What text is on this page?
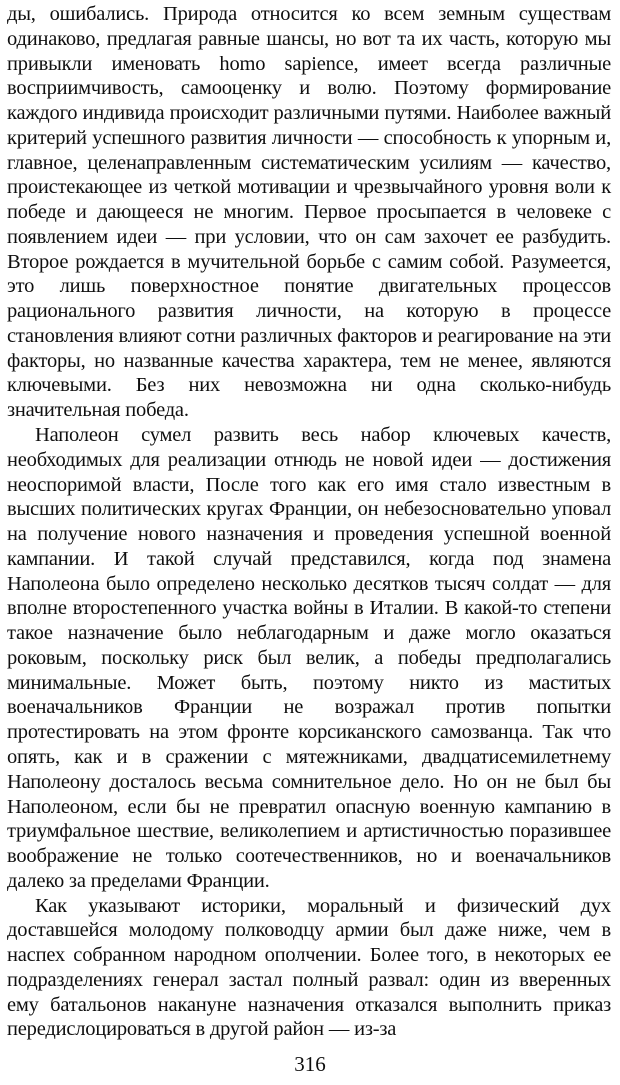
ды, ошибались. Природа относится ко всем земным существам одинаково, предлагая равные шансы, но вот та их часть, которую мы привыкли именовать homo sapience, имеет всегда различные восприимчивость, самооценку и волю. Поэтому формирование каждого индивида происходит различными путями. Наиболее важный критерий успешного развития личности — способность к упорным и, главное, целенаправленным систематическим усилиям — качество, проистекающее из четкой мотивации и чрезвычайного уровня воли к победе и дающееся не многим. Первое просыпается в человеке с появлением идеи — при условии, что он сам захочет ее разбудить. Второе рождается в мучительной борьбе с самим собой. Разумеется, это лишь поверхностное понятие двигательных процессов рационального развития личности, на которую в процессе становления влияют сотни различных факторов и реагирование на эти факторы, но названные качества характера, тем не менее, являются ключевыми. Без них невозможна ни одна сколько-нибудь значительная победа.

Наполеон сумел развить весь набор ключевых качеств, необходимых для реализации отнюдь не новой идеи — достижения неоспоримой власти, После того как его имя стало известным в высших политических кругах Франции, он небезосновательно уповал на получение нового назначения и проведения успешной военной кампании. И такой случай представился, когда под знамена Наполеона было определено несколько десятков тысяч солдат — для вполне второстепенного участка войны в Италии. В какой-то степени такое назначение было неблагодарным и даже могло оказаться роковым, поскольку риск был велик, а победы предполагались минимальные. Может быть, поэтому никто из маститых военачальников Франции не возражал против попытки протестировать на этом фронте корсиканского самозванца. Так что опять, как и в сражении с мятежниками, двадцатисемилетнему Наполеону досталось весьма сомнительное дело. Но он не был бы Наполеоном, если бы не превратил опасную военную кампанию в триумфальное шествие, великолепием и артистичностью поразившее воображение не только соотечественников, но и военачальников далеко за пределами Франции.

Как указывают историки, моральный и физический дух доставшейся молодому полководцу армии был даже ниже, чем в наспех собранном народном ополчении. Более того, в некоторых ее подразделениях генерал застал полный развал: один из вверенных ему батальонов накануне назначения отказался выполнить приказ передислоцироваться в другой район — из-за

316
